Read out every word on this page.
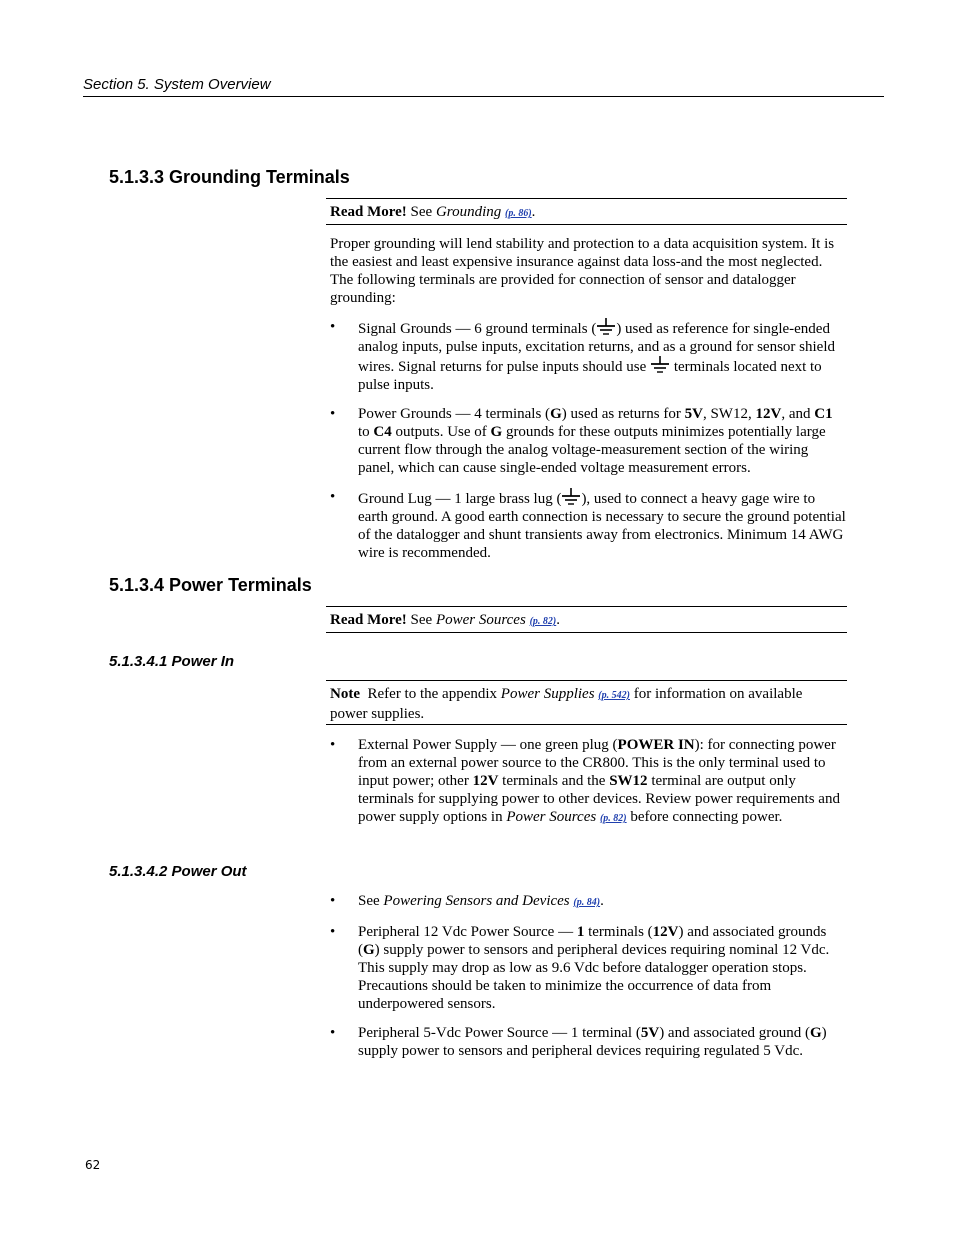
Section 5. System Overview
5.1.3.3 Grounding Terminals
Read More! See Grounding (p. 86).
Proper grounding will lend stability and protection to a data acquisition system. It is the easiest and least expensive insurance against data loss-and the most neglected. The following terminals are provided for connection of sensor and datalogger grounding:
• Signal Grounds — 6 ground terminals ( ) used as reference for single-ended analog inputs, pulse inputs, excitation returns, and as a ground for sensor shield wires. Signal returns for pulse inputs should use  terminals located next to pulse inputs.
• Power Grounds — 4 terminals (G) used as returns for 5V, SW12, 12V, and C1 to C4 outputs. Use of G grounds for these outputs minimizes potentially large current flow through the analog voltage-measurement section of the wiring panel, which can cause single-ended voltage measurement errors.
• Ground Lug — 1 large brass lug ( ), used to connect a heavy gage wire to earth ground. A good earth connection is necessary to secure the ground potential of the datalogger and shunt transients away from electronics. Minimum 14 AWG wire is recommended.
5.1.3.4 Power Terminals
Read More! See Power Sources (p. 82).
5.1.3.4.1 Power In
Note  Refer to the appendix Power Supplies (p. 542) for information on available power supplies.
• External Power Supply — one green plug (POWER IN): for connecting power from an external power source to the CR800. This is the only terminal used to input power; other 12V terminals and the SW12 terminal are output only terminals for supplying power to other devices. Review power requirements and power supply options in Power Sources (p. 82) before connecting power.
5.1.3.4.2 Power Out
• See Powering Sensors and Devices (p. 84).
• Peripheral 12 Vdc Power Source — 1 terminals (12V) and associated grounds (G) supply power to sensors and peripheral devices requiring nominal 12 Vdc. This supply may drop as low as 9.6 Vdc before datalogger operation stops. Precautions should be taken to minimize the occurrence of data from underpowered sensors.
• Peripheral 5-Vdc Power Source — 1 terminal (5V) and associated ground (G) supply power to sensors and peripheral devices requiring regulated 5 Vdc.
62
